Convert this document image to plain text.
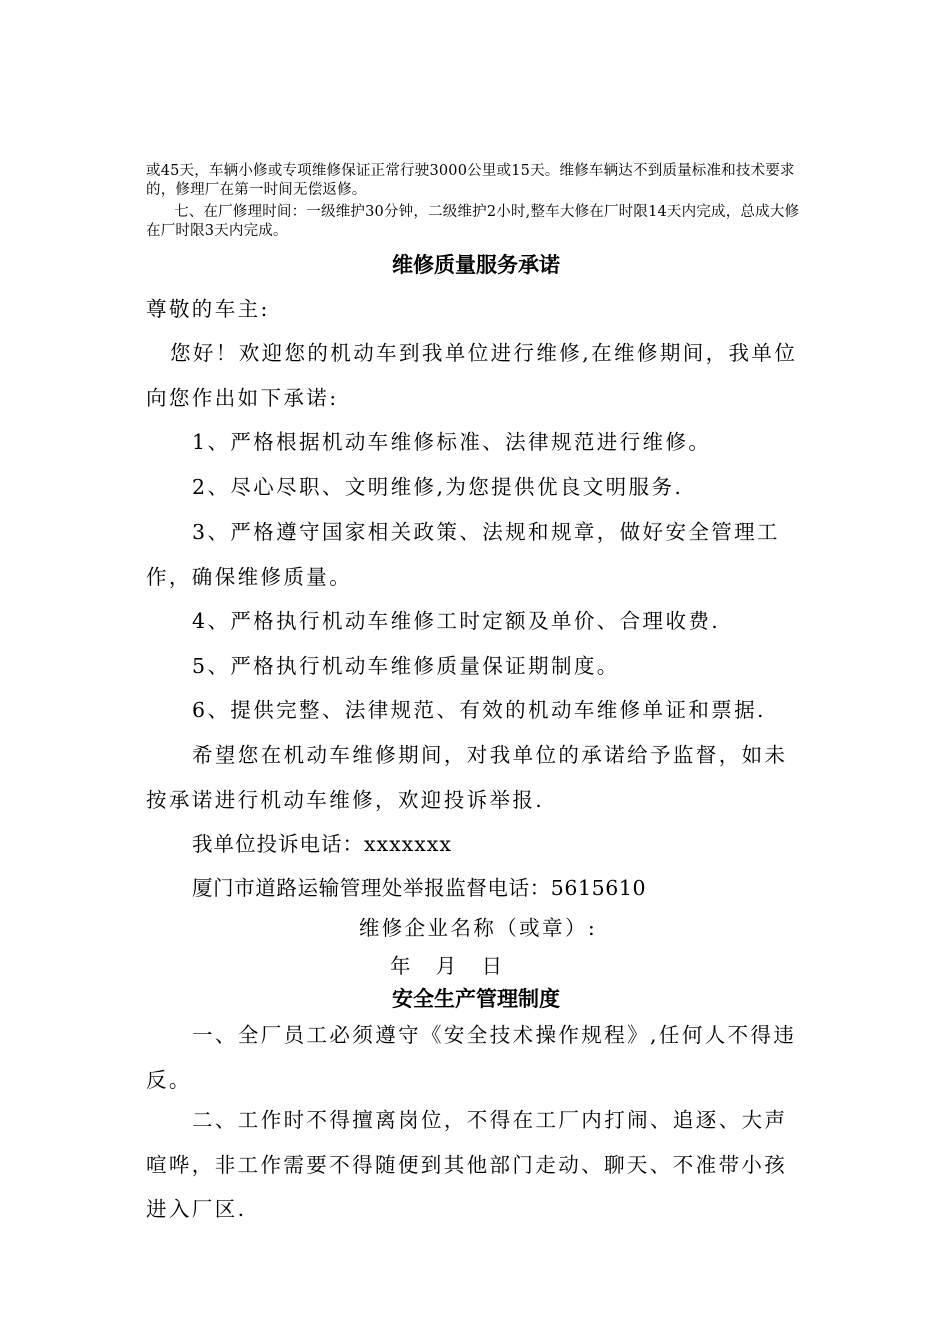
或45天，车辆小修或专项维修保证正常行驶3000公里或15天。维修车辆达不到质量标准和技术要求的，修理厂在第一时间无偿返修。
七、在厂修理时间：一级维护30分钟，二级维护2小时,整车大修在厂时限14天内完成，总成大修在厂时限3天内完成。
维修质量服务承诺
尊敬的车主:
您好！欢迎您的机动车到我单位进行维修,在维修期间，我单位向您作出如下承诺:
1、严格根据机动车维修标准、法律规范进行维修。
2、尽心尽职、文明维修,为您提供优良文明服务.
3、严格遵守国家相关政策、法规和规章，做好安全管理工作，确保维修质量。
4、严格执行机动车维修工时定额及单价、合理收费.
5、严格执行机动车维修质量保证期制度。
6、提供完整、法律规范、有效的机动车维修单证和票据.
希望您在机动车维修期间，对我单位的承诺给予监督，如未按承诺进行机动车维修，欢迎投诉举报.
我单位投诉电话：xxxxxxx
厦门市道路运输管理处举报监督电话：5615610
维修企业名称（或章）:
年　月　日
安全生产管理制度
一、全厂员工必须遵守《安全技术操作规程》,任何人不得违反。
二、工作时不得擅离岗位，不得在工厂内打闹、追逐、大声喧哗，非工作需要不得随便到其他部门走动、聊天、不准带小孩进入厂区.
